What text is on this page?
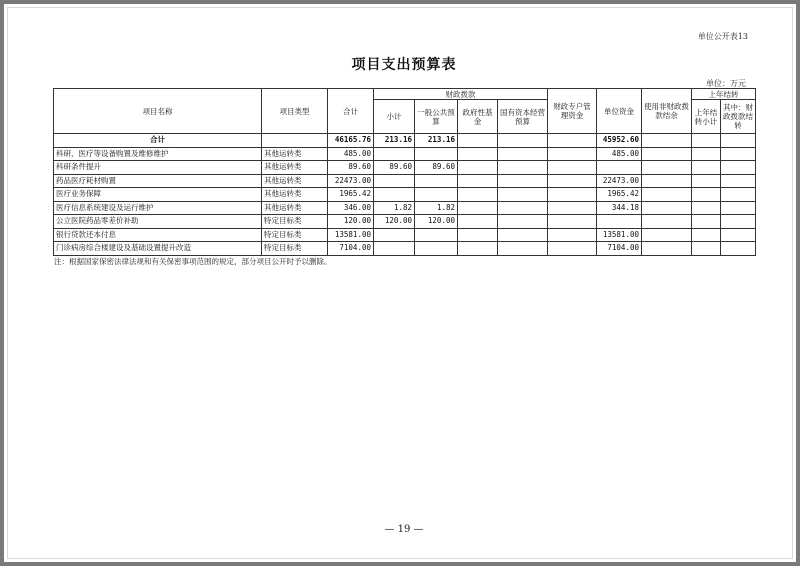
单位公开表13
项目支出预算表
单位：万元
项目名称	项目类型	合计	财政拨款				财政专户管理资金	单位资金	使用非财政拨款结余	上年结转	
			小计	一般公共预算	政府性基金	国有资本经营预算				上年结转小计	其中：财政拨款结转

合计		46165.76	213.16	213.16				45952.60			
科研、医疗等设备购置及维修维护	其他运转类	485.00						485.00			
科研条件提升	其他运转类	89.60	89.60	89.60							
药品医疗耗材购置	其他运转类	22473.00						22473.00			
医疗业务保障	其他运转类	1965.42						1965.42			
医疗信息系统建设及运行维护	其他运转类	346.00	1.82	1.82				344.18			
公立医院药品零差价补助	特定目标类	120.00	120.00	120.00							
银行贷款还本付息	特定目标类	13581.00						13581.00			
门诊病房综合楼建设及基础设置提升改造	特定目标类	7104.00						7104.00			
注：根据国家保密法律法规和有关保密事项范围的规定，部分项目公开时予以删除。
— 19 —
